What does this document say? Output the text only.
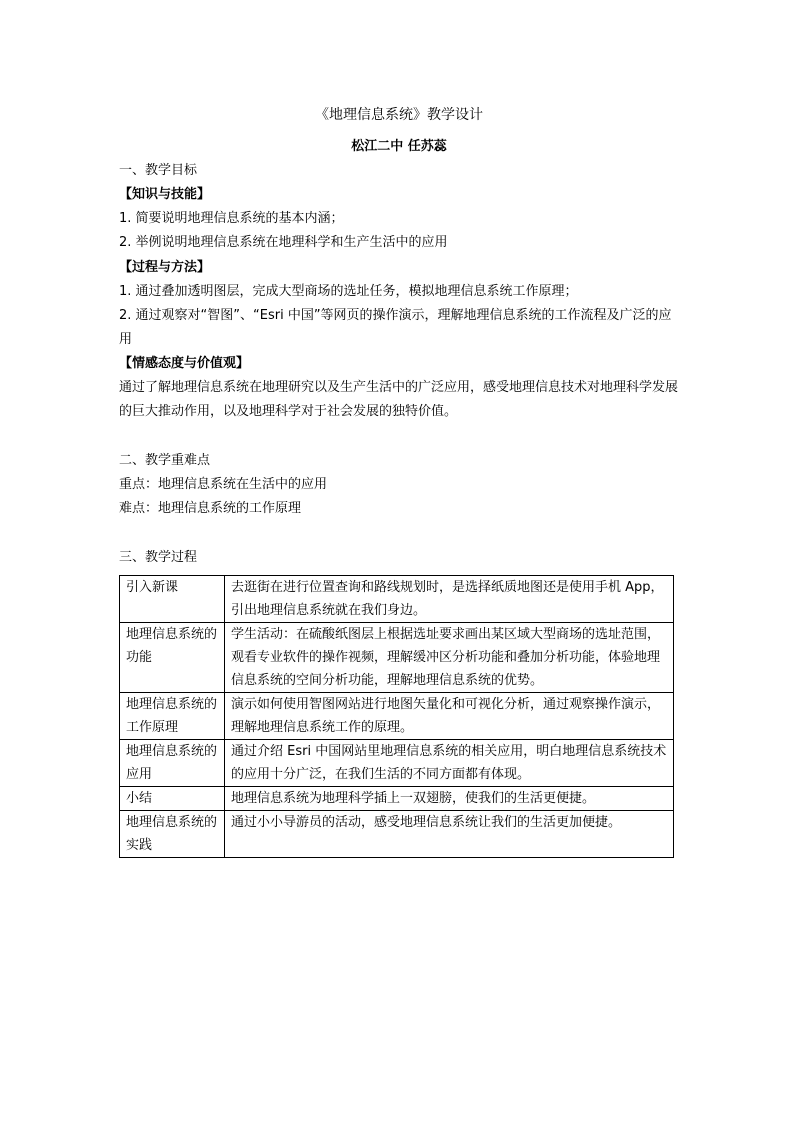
《地理信息系统》教学设计
松江二中 任苏蕊
一、教学目标
【知识与技能】
1. 简要说明地理信息系统的基本内涵；
2. 举例说明地理信息系统在地理科学和生产生活中的应用
【过程与方法】
1. 通过叠加透明图层，完成大型商场的选址任务，模拟地理信息系统工作原理；
2. 通过观察对“智图”、“Esri 中国”等网页的操作演示，理解地理信息系统的工作流程及广泛的应用
【情感态度与价值观】
通过了解地理信息系统在地理研究以及生产生活中的广泛应用，感受地理信息技术对地理科学发展的巨大推动作用，以及地理科学对于社会发展的独特价值。
二、教学重难点
重点：地理信息系统在生活中的应用
难点：地理信息系统的工作原理
三、教学过程
引入新课	去逛街在进行位置查询和路线规划时，是选择纸质地图还是使用手机 App，引出地理信息系统就在我们身边。
地理信息系统的功能	学生活动：在硫酸纸图层上根据选址要求画出某区域大型商场的选址范围，观看专业软件的操作视频，理解缓冲区分析功能和叠加分析功能，体验地理信息系统的空间分析功能，理解地理信息系统的优势。
地理信息系统的工作原理	演示如何使用智图网站进行地图矢量化和可视化分析，通过观察操作演示，理解地理信息系统工作的原理。
地理信息系统的应用	通过介绍 Esri 中国网站里地理信息系统的相关应用，明白地理信息系统技术的应用十分广泛，在我们生活的不同方面都有体现。
小结	地理信息系统为地理科学插上一双翅膀，使我们的生活更便捷。
地理信息系统的实践	通过小小导游员的活动，感受地理信息系统让我们的生活更加便捷。
